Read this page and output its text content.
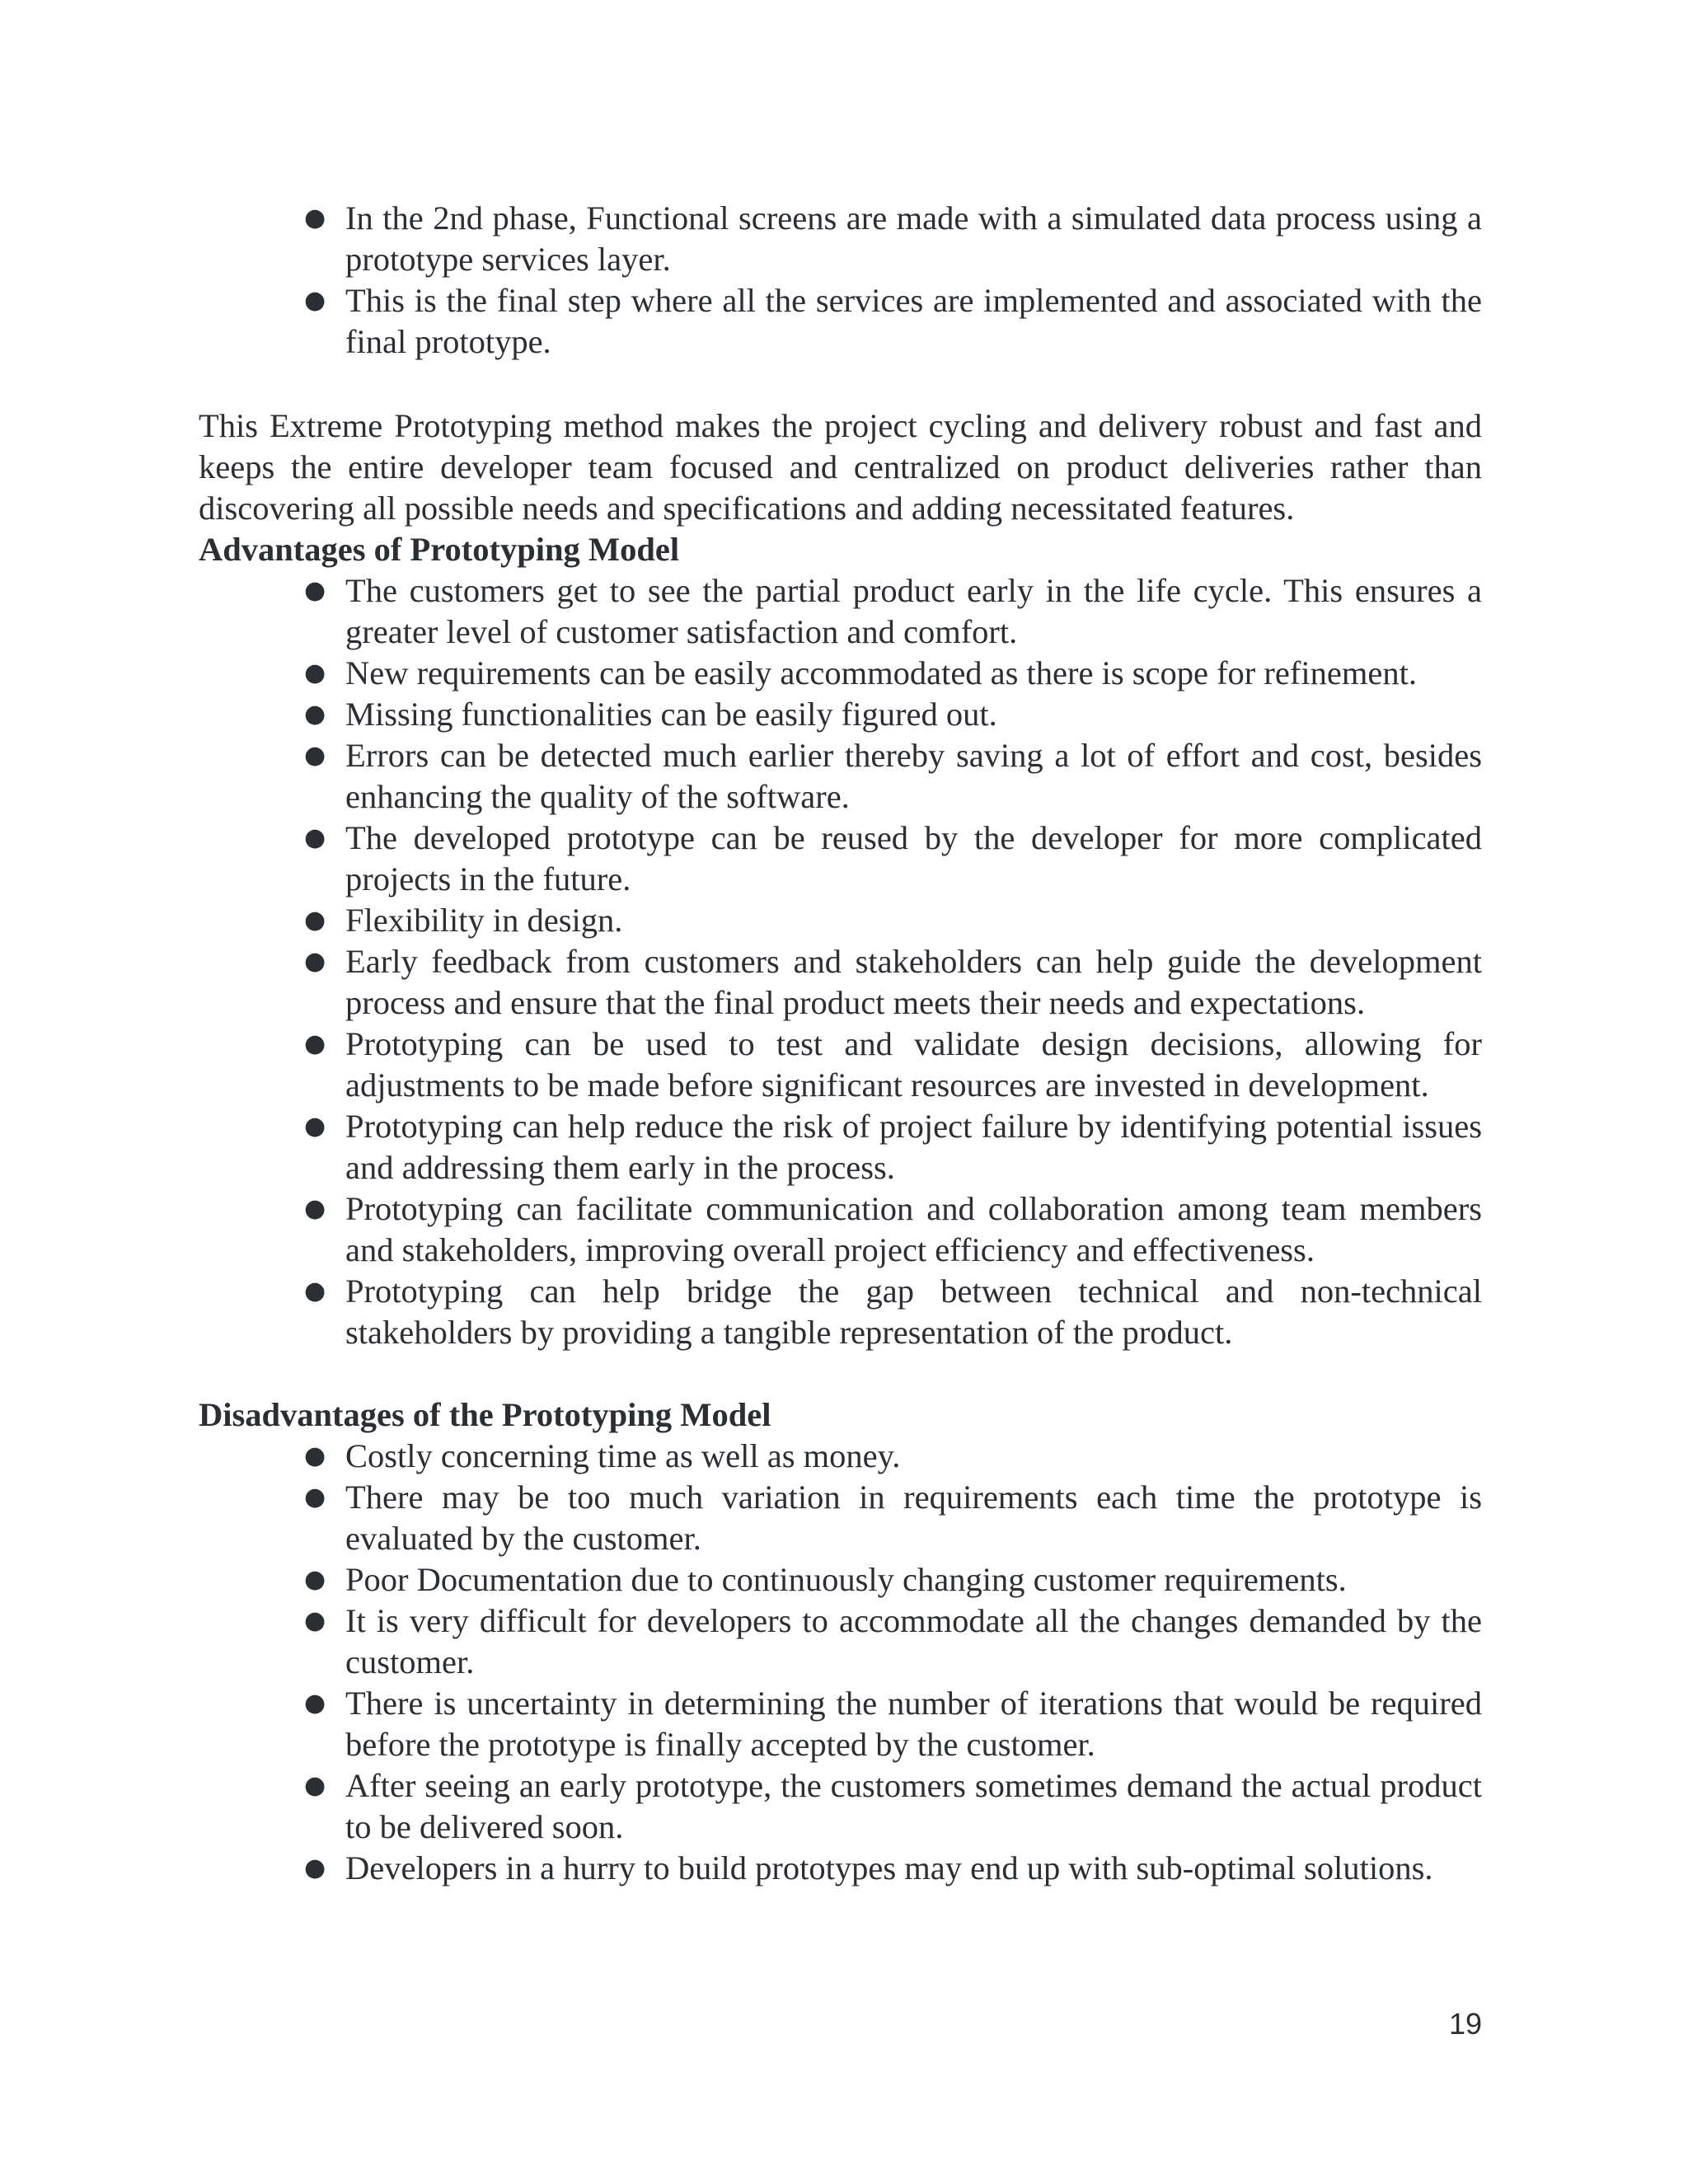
● In the 2nd phase, Functional screens are made with a simulated data process using a prototype services layer.
● This is the final step where all the services are implemented and associated with the final prototype.

This Extreme Prototyping method makes the project cycling and delivery robust and fast and keeps the entire developer team focused and centralized on product deliveries rather than discovering all possible needs and specifications and adding necessitated features.

Advantages of Prototyping Model

● The customers get to see the partial product early in the life cycle. This ensures a greater level of customer satisfaction and comfort.
● New requirements can be easily accommodated as there is scope for refinement.
● Missing functionalities can be easily figured out.
● Errors can be detected much earlier thereby saving a lot of effort and cost, besides enhancing the quality of the software.
● The developed prototype can be reused by the developer for more complicated projects in the future.
● Flexibility in design.
● Early feedback from customers and stakeholders can help guide the development process and ensure that the final product meets their needs and expectations.
● Prototyping can be used to test and validate design decisions, allowing for adjustments to be made before significant resources are invested in development.
● Prototyping can help reduce the risk of project failure by identifying potential issues and addressing them early in the process.
● Prototyping can facilitate communication and collaboration among team members and stakeholders, improving overall project efficiency and effectiveness.
● Prototyping can help bridge the gap between technical and non-technical stakeholders by providing a tangible representation of the product.

Disadvantages of the Prototyping Model

● Costly concerning time as well as money.
● There may be too much variation in requirements each time the prototype is evaluated by the customer.
● Poor Documentation due to continuously changing customer requirements.
● It is very difficult for developers to accommodate all the changes demanded by the customer.
● There is uncertainty in determining the number of iterations that would be required before the prototype is finally accepted by the customer.
● After seeing an early prototype, the customers sometimes demand the actual product to be delivered soon.
● Developers in a hurry to build prototypes may end up with sub-optimal solutions.
19
